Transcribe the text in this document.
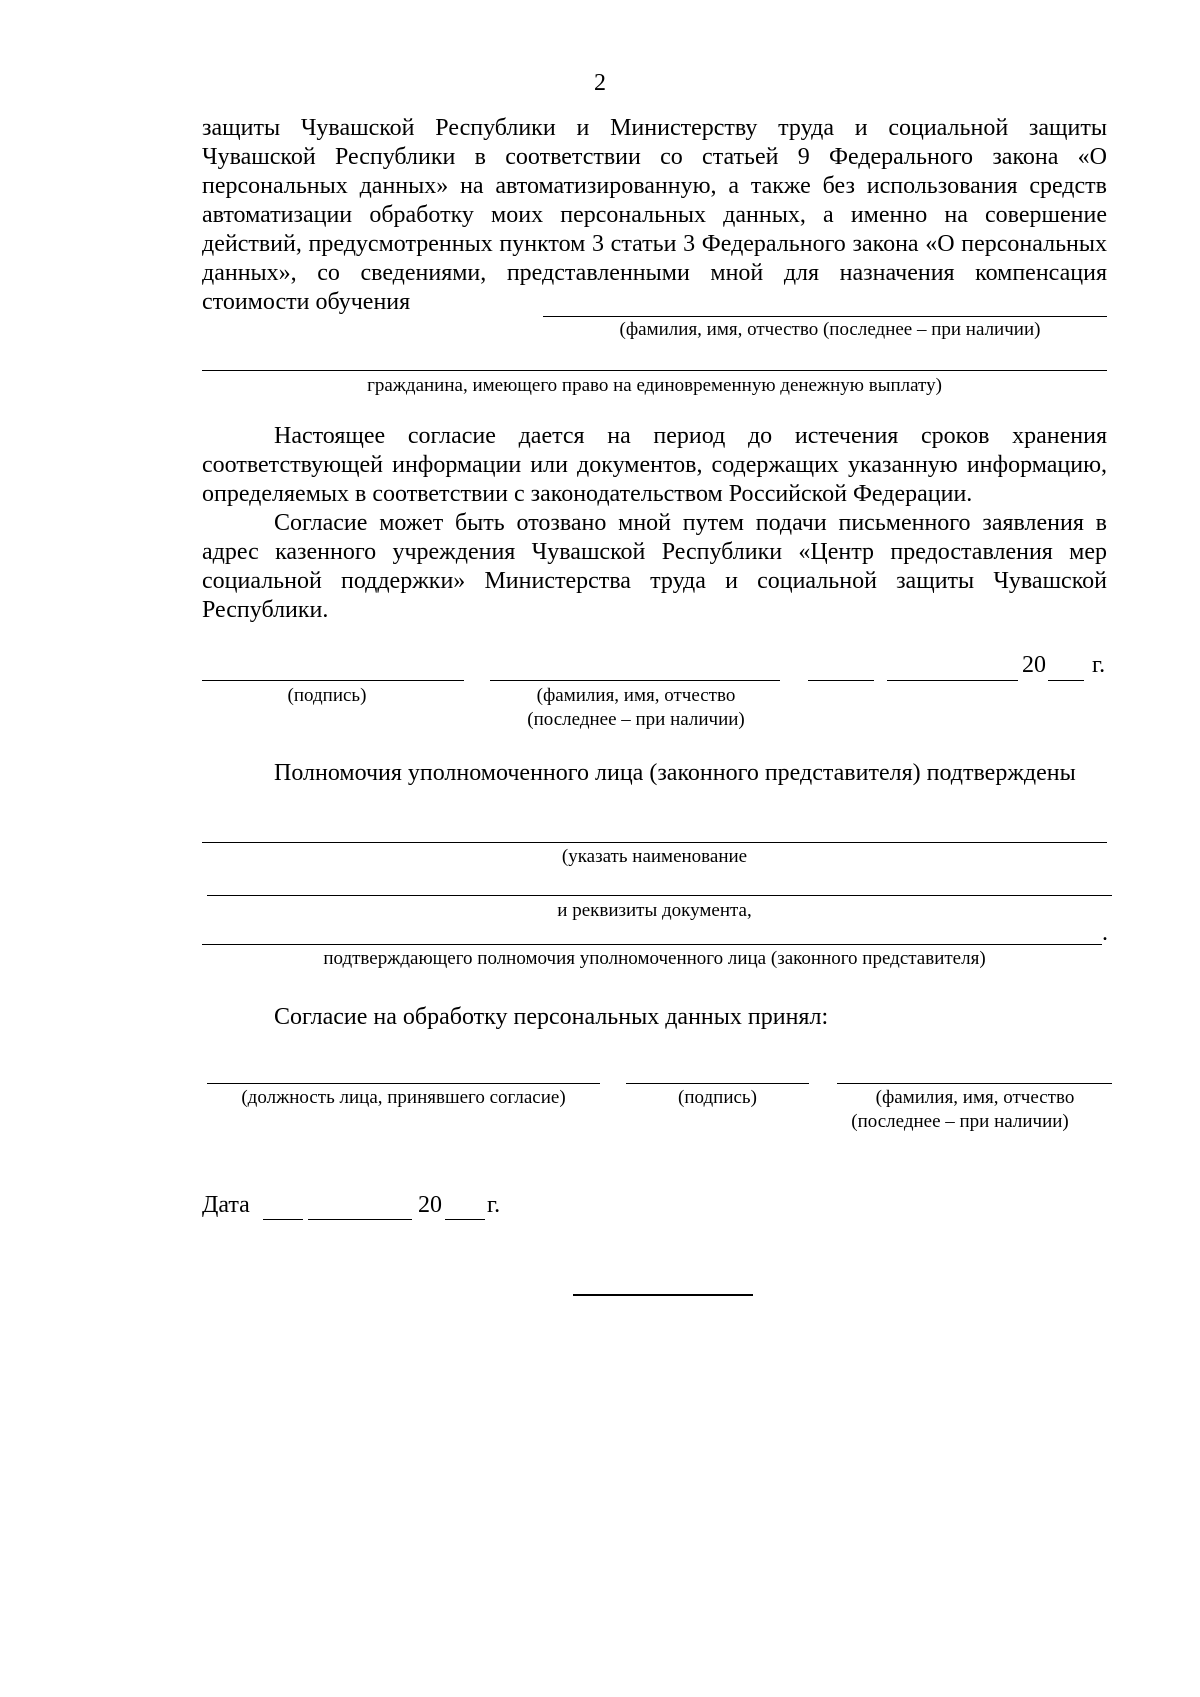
2
защиты Чувашской Республики и Министерству труда и социальной защиты Чувашской Республики в соответствии со статьей 9 Федерального закона «О персональных данных» на автоматизированную, а также без использования средств автоматизации обработку моих персональных данных, а именно на совершение действий, предусмотренных пунктом 3 статьи 3 Федерального закона «О персональных данных», со сведениями, представленными мной для назначения компенсация стоимости обучения
(фамилия, имя, отчество (последнее – при наличии)
гражданина, имеющего право на единовременную денежную выплату)
Настоящее согласие дается на период до истечения сроков хранения соответствующей информации или документов, содержащих указанную информацию, определяемых в соответствии с законодательством Российской Федерации.
Согласие может быть отозвано мной путем подачи письменного заявления в адрес казенного учреждения Чувашской Республики «Центр предоставления мер социальной поддержки» Министерства труда и социальной защиты Чувашской Республики.
20 г.
(подпись)	(фамилия, имя, отчество
(последнее – при наличии)
Полномочия уполномоченного лица (законного представителя) подтверждены
(указать наименование
и реквизиты документа,
.
подтверждающего полномочия уполномоченного лица (законного представителя)
Согласие на обработку персональных данных принял:
(должность лица, принявшего согласие)	(подпись)	(фамилия, имя, отчество
(последнее – при наличии)
Дата	20 г.
